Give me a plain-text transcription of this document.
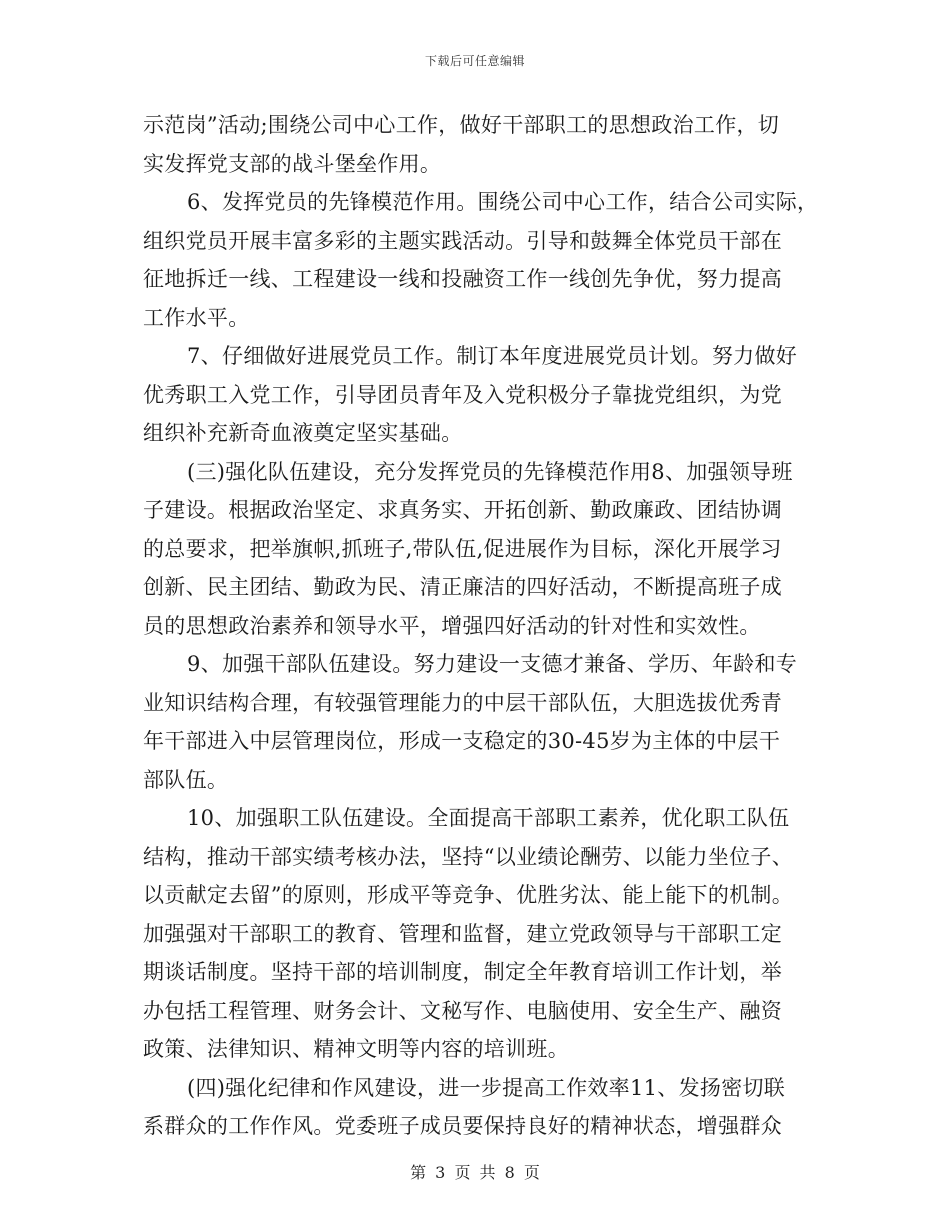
下载后可任意编辑
示范岗”活动;围绕公司中心工作，做好干部职工的思想政治工作，切
实发挥党支部的战斗堡垒作用。
6、发挥党员的先锋模范作用。围绕公司中心工作，结合公司实际，
组织党员开展丰富多彩的主题实践活动。引导和鼓舞全体党员干部在
征地拆迁一线、工程建设一线和投融资工作一线创先争优，努力提高
工作水平。
7、仔细做好进展党员工作。制订本年度进展党员计划。努力做好
优秀职工入党工作，引导团员青年及入党积极分子靠拢党组织，为党
组织补充新奇血液奠定坚实基础。
(三)强化队伍建设，充分发挥党员的先锋模范作用8、加强领导班
子建设。根据政治坚定、求真务实、开拓创新、勤政廉政、团结协调
的总要求，把举旗帜,抓班子,带队伍,促进展作为目标，深化开展学习
创新、民主团结、勤政为民、清正廉洁的四好活动，不断提高班子成
员的思想政治素养和领导水平，增强四好活动的针对性和实效性。
9、加强干部队伍建设。努力建设一支德才兼备、学历、年龄和专
业知识结构合理，有较强管理能力的中层干部队伍，大胆选拔优秀青
年干部进入中层管理岗位，形成一支稳定的30-45岁为主体的中层干
部队伍。
10、加强职工队伍建设。全面提高干部职工素养，优化职工队伍
结构，推动干部实绩考核办法，坚持“以业绩论酬劳、以能力坐位子、
以贡献定去留”的原则，形成平等竞争、优胜劣汰、能上能下的机制。
加强强对干部职工的教育、管理和监督，建立党政领导与干部职工定
期谈话制度。坚持干部的培训制度，制定全年教育培训工作计划，举
办包括工程管理、财务会计、文秘写作、电脑使用、安全生产、融资
政策、法律知识、精神文明等内容的培训班。
(四)强化纪律和作风建设，进一步提高工作效率11、发扬密切联
系群众的工作作风。党委班子成员要保持良好的精神状态，增强群众
第 3 页 共 8 页
